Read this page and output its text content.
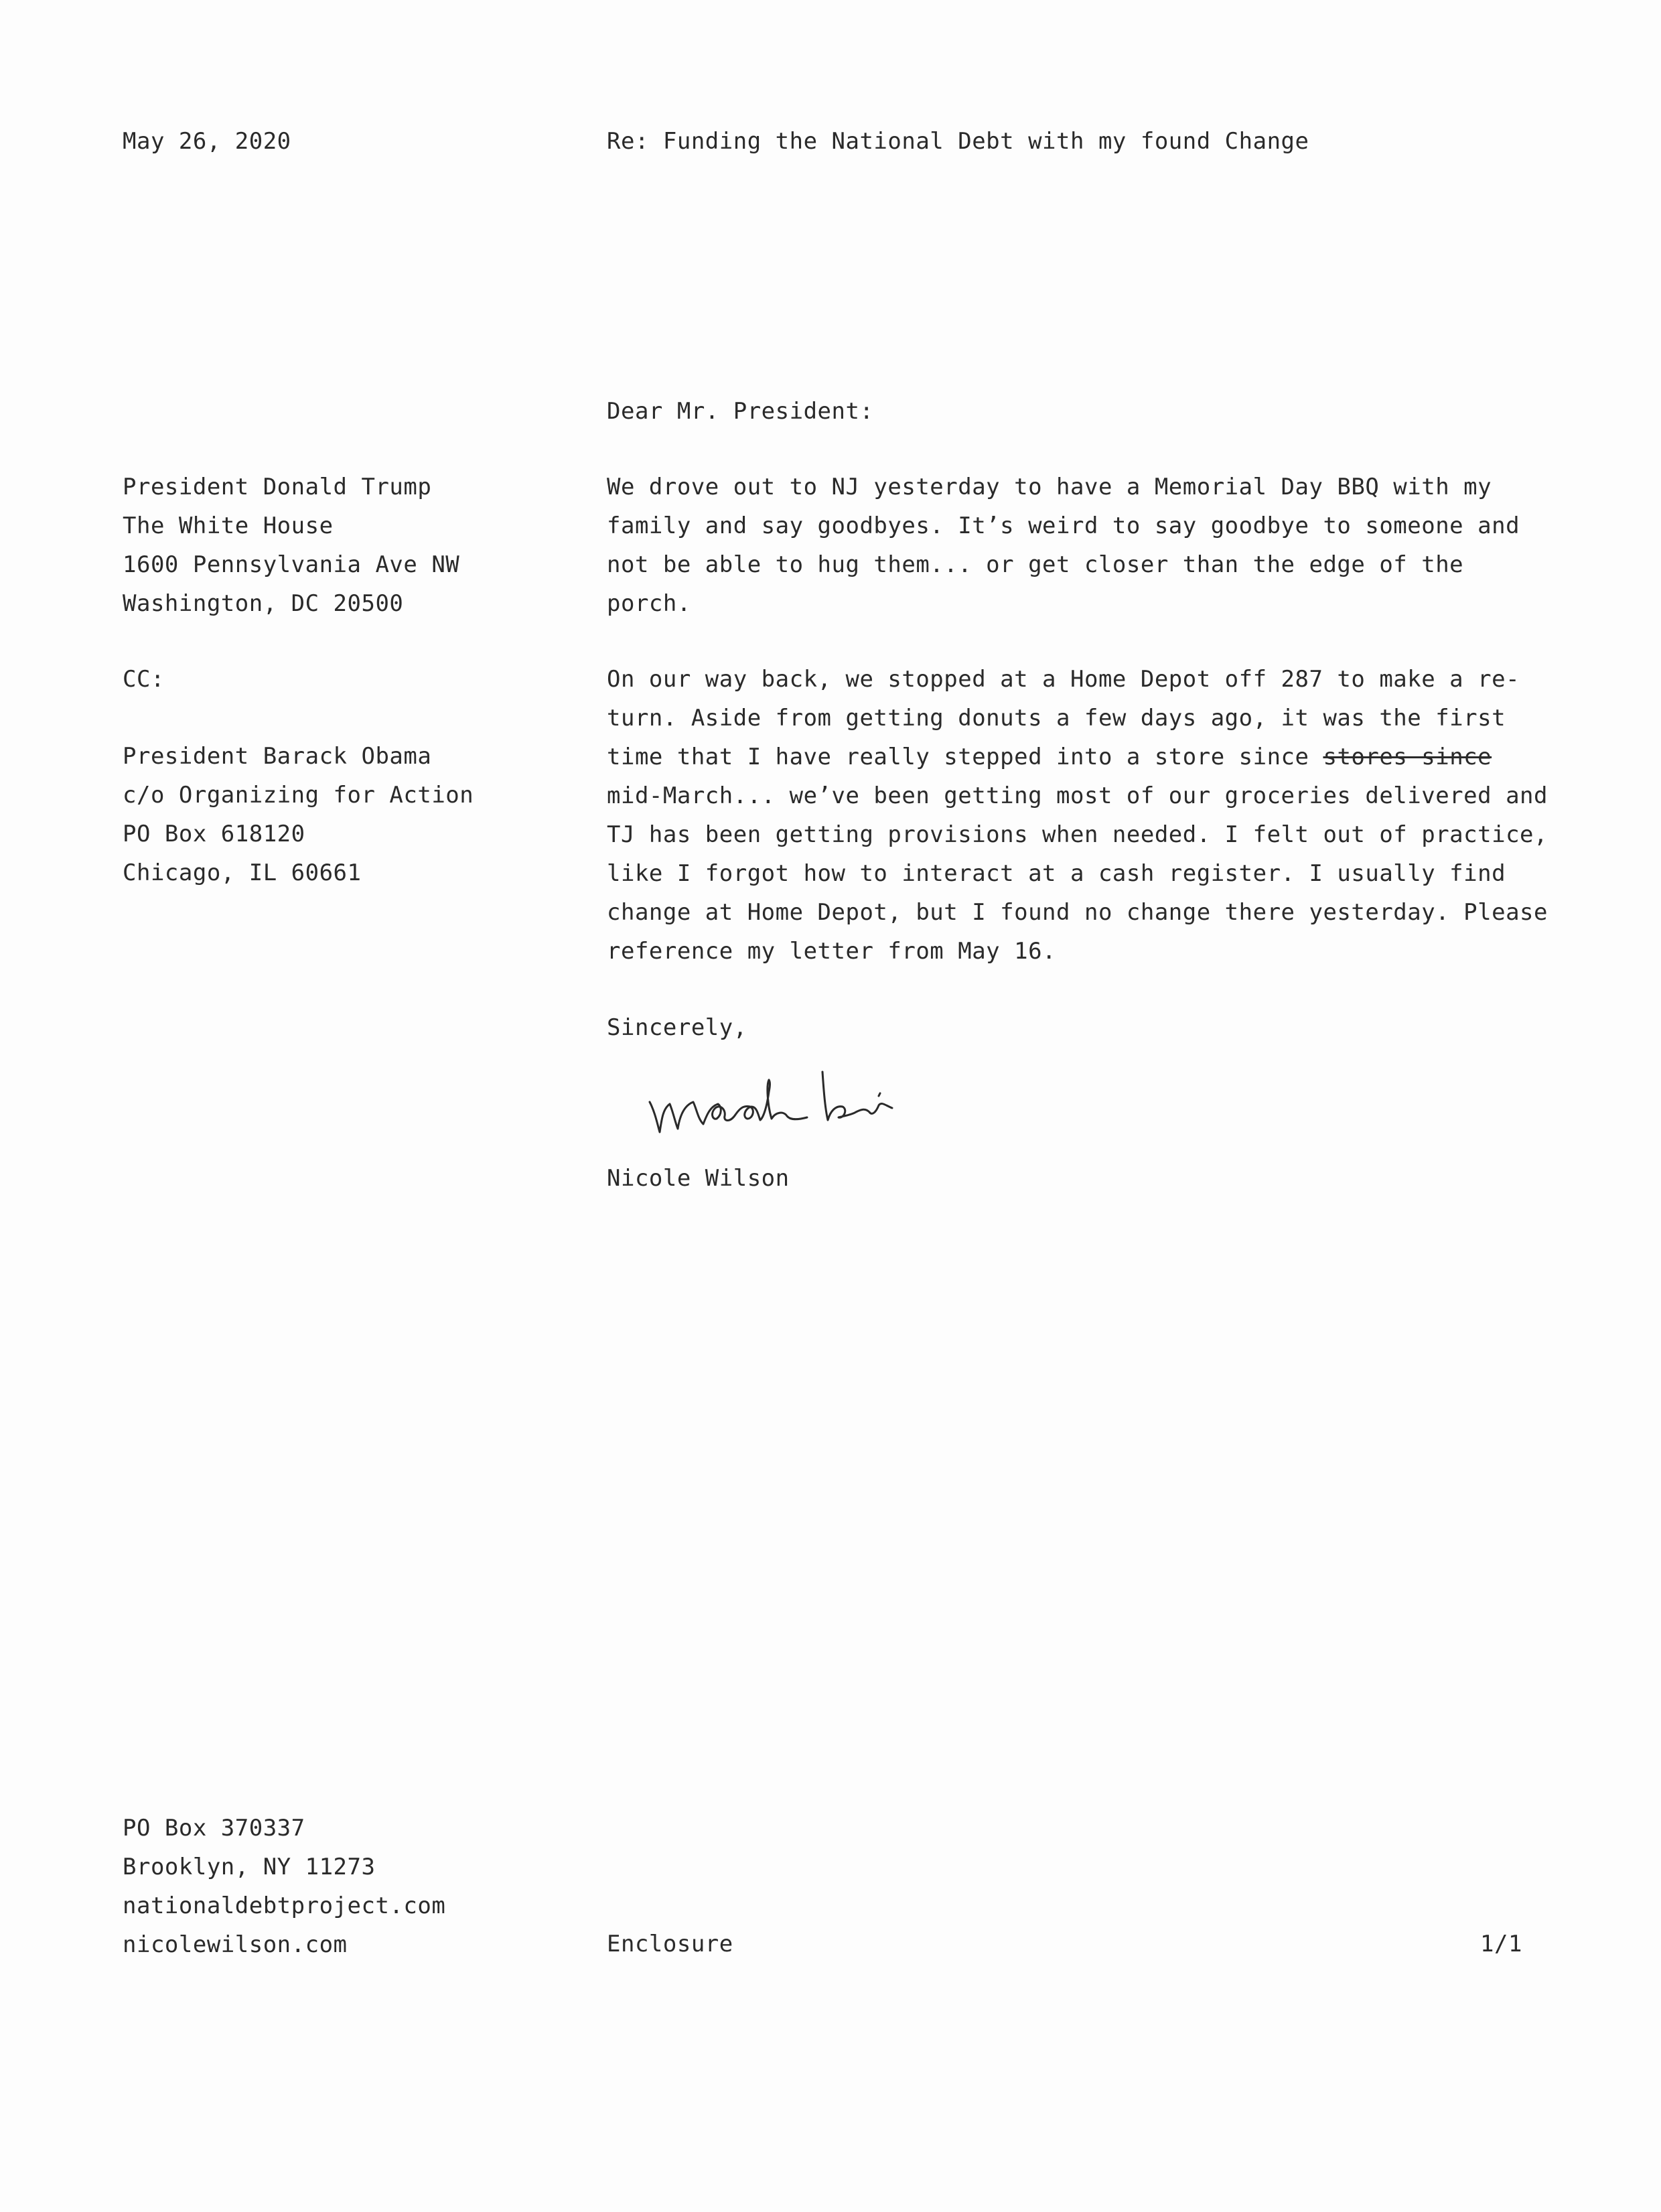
May 26, 2020	Re: Funding the National Debt with my found Change

Dear Mr. President:

President Donald Trump
The White House
1600 Pennsylvania Ave NW
Washington, DC 20500

CC:

President Barack Obama
c/o Organizing for Action
PO Box 618120
Chicago, IL 60661
We drove out to NJ yesterday to have a Memorial Day BBQ with my
family and say goodbyes. It’s weird to say goodbye to someone and
not be able to hug them... or get closer than the edge of the
porch.
On our way back, we stopped at a Home Depot off 287 to make a re-
turn. Aside from getting donuts a few days ago, it was the first
time that I have really stepped into a store since stores since
mid-March... we’ve been getting most of our groceries delivered and
TJ has been getting provisions when needed. I felt out of practice,
like I forgot how to interact at a cash register. I usually find
change at Home Depot, but I found no change there yesterday. Please
reference my letter from May 16.

Sincerely,

Nicole Wilson

PO Box 370337
Brooklyn, NY 11273
nationaldebtproject.com
nicolewilson.com	Enclosure	1/1
